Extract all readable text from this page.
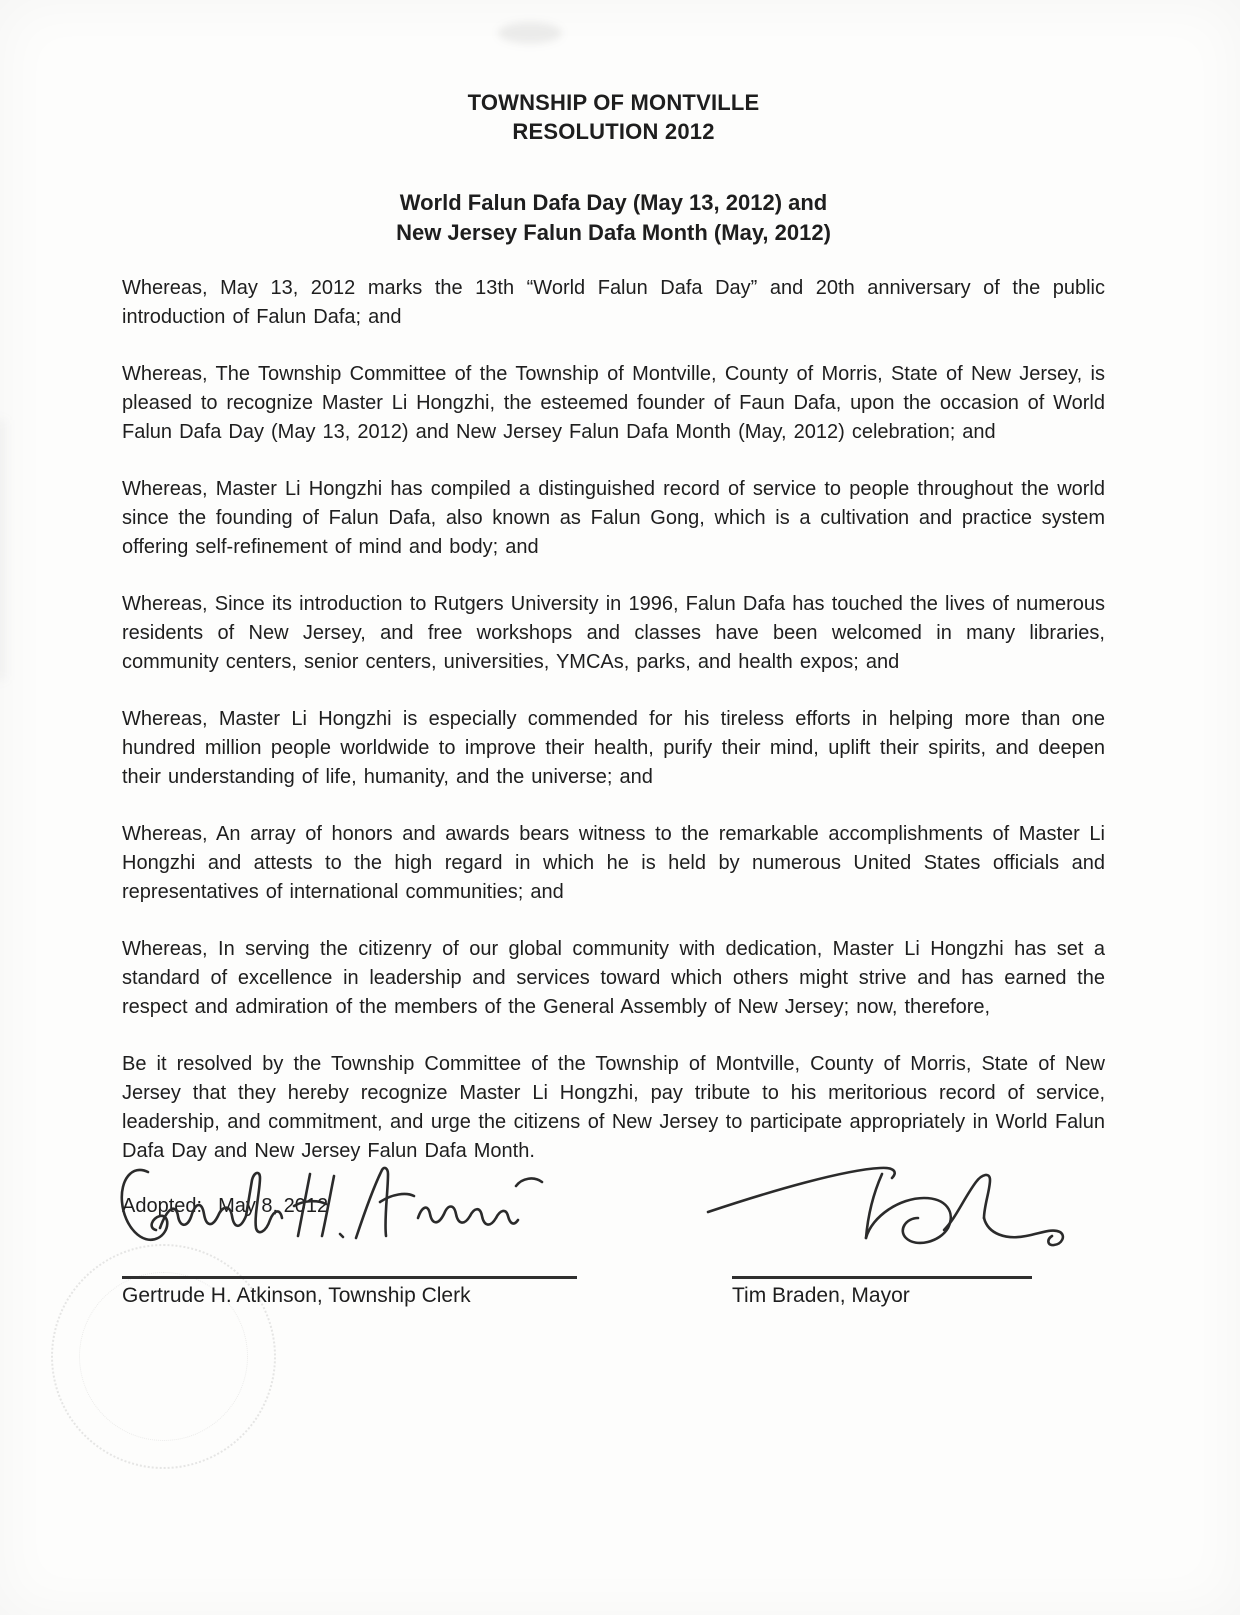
TOWNSHIP OF MONTVILLE
RESOLUTION 2012
World Falun Dafa Day (May 13, 2012) and
New Jersey Falun Dafa Month (May, 2012)

Whereas, May 13, 2012 marks the 13th “World Falun Dafa Day” and 20th anniversary of the public introduction of Falun Dafa; and

Whereas, The Township Committee of the Township of Montville, County of Morris, State of New Jersey, is pleased to recognize Master Li Hongzhi, the esteemed founder of Faun Dafa, upon the occasion of World Falun Dafa Day (May 13, 2012) and New Jersey Falun Dafa Month (May, 2012) celebration; and

Whereas, Master Li Hongzhi has compiled a distinguished record of service to people throughout the world since the founding of Falun Dafa, also known as Falun Gong, which is a cultivation and practice system offering self-refinement of mind and body; and

Whereas, Since its introduction to Rutgers University in 1996, Falun Dafa has touched the lives of numerous residents of New Jersey, and free workshops and classes have been welcomed in many libraries, community centers, senior centers, universities, YMCAs, parks, and health expos; and

Whereas, Master Li Hongzhi is especially commended for his tireless efforts in helping more than one hundred million people worldwide to improve their health, purify their mind, uplift their spirits, and deepen their understanding of life, humanity, and the universe; and

Whereas, An array of honors and awards bears witness to the remarkable accomplishments of Master Li Hongzhi and attests to the high regard in which he is held by numerous United States officials and representatives of international communities; and

Whereas, In serving the citizenry of our global community with dedication, Master Li Hongzhi has set a standard of excellence in leadership and services toward which others might strive and has earned the respect and admiration of the members of the General Assembly of New Jersey; now, therefore,

Be it resolved by the Township Committee of the Township of Montville, County of Morris, State of New Jersey that they hereby recognize Master Li Hongzhi, pay tribute to his meritorious record of service, leadership, and commitment, and urge the citizens of New Jersey to participate appropriately in World Falun Dafa Day and New Jersey Falun Dafa Month.

Adopted: May 8, 2012
Gertrude H. Atkinson, Township Clerk	Tim Braden, Mayor
